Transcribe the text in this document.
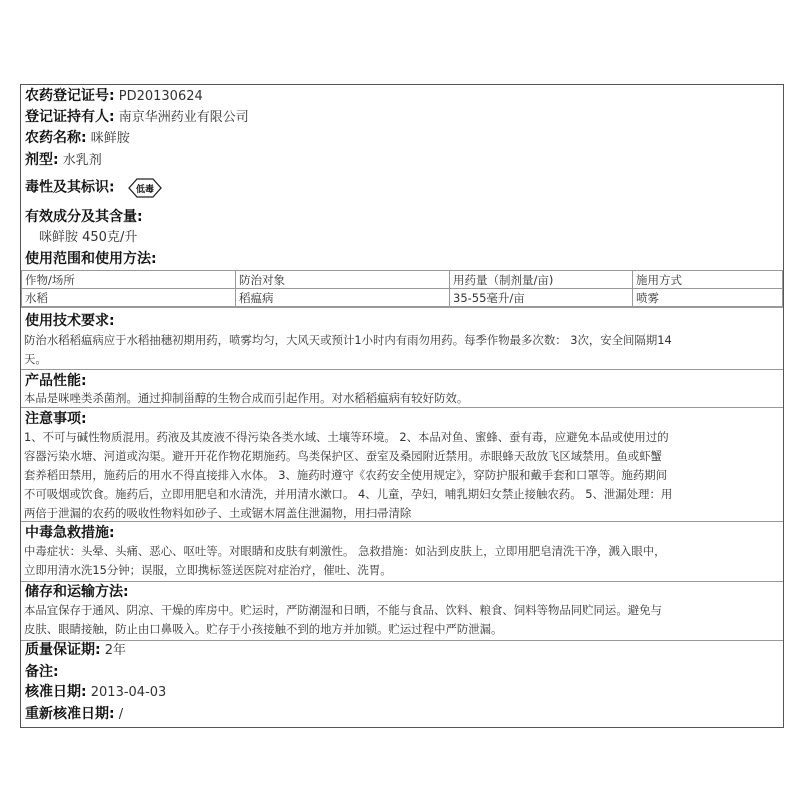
农药登记证号: PD20130624
登记证持有人: 南京华洲药业有限公司
农药名称: 咪鲜胺
剂型: 水乳剂
毒性及其标识: 低毒
有效成分及其含量:
咪鲜胺 450克/升
使用范围和使用方法:
作物/场所	防治对象	用药量（制剂量/亩)	施用方式
水稻	稻瘟病	35-55毫升/亩	喷雾
使用技术要求:
防治水稻稻瘟病应于水稻抽穗初期用药，喷雾均匀，大风天或预计1小时内有雨勿用药。每季作物最多次数： 3次，安全间隔期14
天。
产品性能:
本品是咪唑类杀菌剂。通过抑制甾醇的生物合成而引起作用。对水稻稻瘟病有较好防效。
注意事项:
1、不可与碱性物质混用。药液及其废液不得污染各类水域、土壤等环境。 2、本品对鱼、蜜蜂、蚕有毒，应避免本品或使用过的
容器污染水塘、河道或沟渠。避开开花作物花期施药。鸟类保护区、蚕室及桑园附近禁用。赤眼蜂天敌放飞区域禁用。鱼或虾蟹
套养稻田禁用，施药后的用水不得直接排入水体。 3、施药时遵守《农药安全使用规定》，穿防护服和戴手套和口罩等。施药期间
不可吸烟或饮食。施药后，立即用肥皂和水清洗，并用清水漱口。 4、儿童，孕妇，哺乳期妇女禁止接触农药。 5、泄漏处理：用
两倍于泄漏的农药的吸收性物料如砂子、土或锯木屑盖住泄漏物，用扫帚清除
中毒急救措施:
中毒症状：头晕、头痛、恶心、呕吐等。对眼睛和皮肤有刺激性。 急救措施：如沾到皮肤上，立即用肥皂清洗干净，溅入眼中，
立即用清水洗15分钟；误服，立即携标签送医院对症治疗，催吐、洗胃。
储存和运输方法:
本品宜保存于通风、阴凉、干燥的库房中。贮运时，严防潮湿和日晒，不能与食品、饮料、粮食、饲料等物品同贮同运。避免与
皮肤、眼睛接触，防止由口鼻吸入。贮存于小孩接触不到的地方并加锁。贮运过程中严防泄漏。
质量保证期: 2年
备注:
核准日期: 2013-04-03
重新核准日期: /
